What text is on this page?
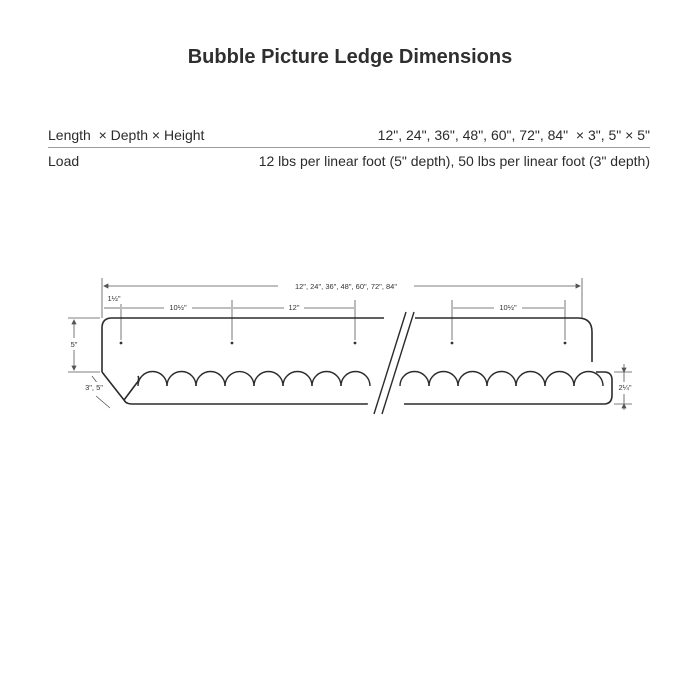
Bubble Picture Ledge Dimensions
Length  × Depth × Height	12", 24", 36", 48", 60", 72", 84"  × 3", 5" × 5"
Load	12 lbs per linear foot (5" depth), 50 lbs per linear foot (3" depth)
12", 24", 36", 48", 60", 72", 84"
1½"
10½"	12"	10½"
5"
3", 5"	2¼"
